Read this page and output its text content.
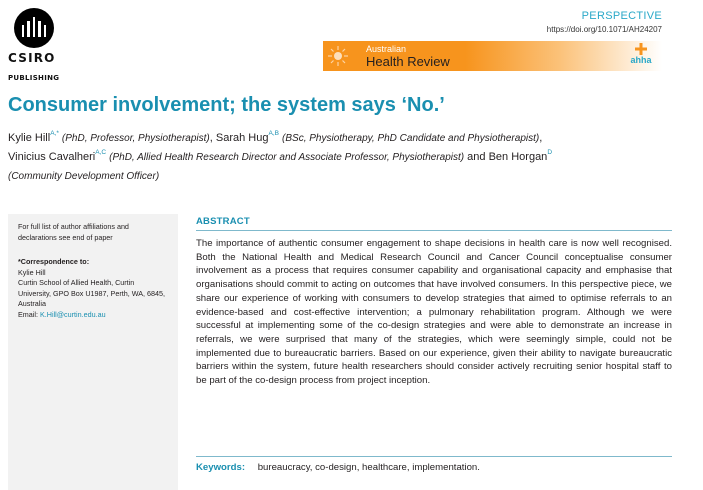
CSIRO
PUBLISHING
PERSPECTIVE
https://doi.org/10.1071/AH24207
Australian
Health Review	ahha
Consumer involvement; the system says ‘No.’
Kylie Hill$^{A,*}$ (PhD, Professor, Physiotherapist), Sarah Hug$^{A,B}$ (BSc, Physiotherapy, PhD Candidate and Physiotherapist),
Vinicius Cavalheri$^{A,C}$ (PhD, Allied Health Research Director and Associate Professor, Physiotherapist) and Ben Horgan$^D$
(Community Development Officer)
For full list of author affiliations and declarations see end of paper
*Correspondence to:
Kylie Hill
Curtin School of Allied Health, Curtin University, GPO Box U1987, Perth, WA, 6845, Australia
Email: K.Hill@curtin.edu.au
ABSTRACT
The importance of authentic consumer engagement to shape decisions in health care is now well recognised. Both the National Health and Medical Research Council and Cancer Council conceptualise consumer involvement as a process that requires consumer capability and organisational capacity and emphasise that organisations should commit to acting on outcomes that have involved consumers. In this perspective piece, we share our experience of working with consumers to develop strategies that aimed to optimise referrals to an evidence-based and cost-effective intervention; a pulmonary rehabilitation program. Although we were successful at implementing some of the co-design strategies and were able to demonstrate an increase in referrals, we were surprised that many of the strategies, which were seemingly simple, could not be implemented due to bureaucratic barriers. Based on our experience, given their ability to navigate bureaucratic barriers within the system, future health researchers should consider actively recruiting senior hospital staff to be part of the co-design process from project inception.
Keywords: bureaucracy, co-design, healthcare, implementation.
